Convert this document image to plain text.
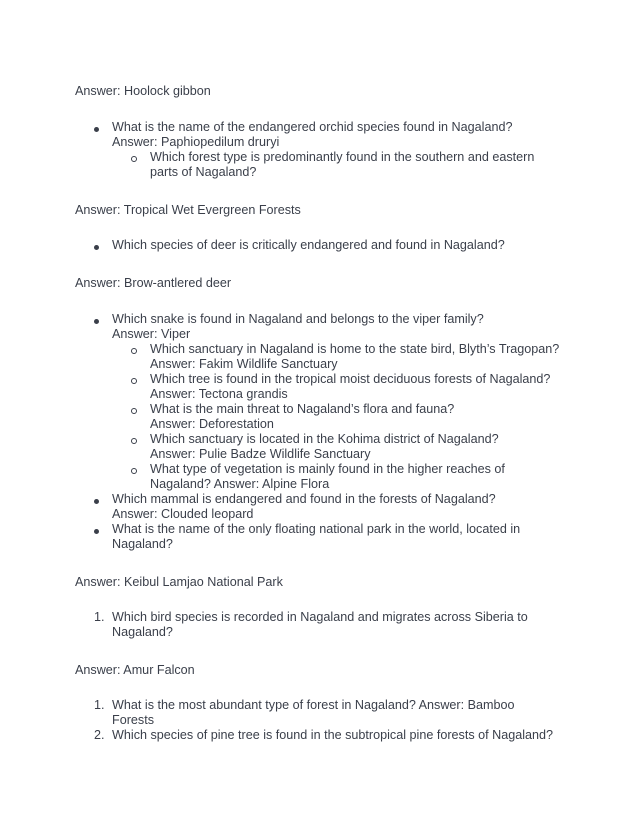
Answer: Hoolock gibbon
What is the name of the endangered orchid species found in Nagaland?
Answer: Paphiopedilum druryi
Which forest type is predominantly found in the southern and eastern
parts of Nagaland?
Answer: Tropical Wet Evergreen Forests
Which species of deer is critically endangered and found in Nagaland?
Answer: Brow-antlered deer
Which snake is found in Nagaland and belongs to the viper family?
Answer: Viper
Which sanctuary in Nagaland is home to the state bird, Blyth’s Tragopan?
Answer: Fakim Wildlife Sanctuary
Which tree is found in the tropical moist deciduous forests of Nagaland?
Answer: Tectona grandis
What is the main threat to Nagaland’s flora and fauna?
Answer: Deforestation
Which sanctuary is located in the Kohima district of Nagaland?
Answer: Pulie Badze Wildlife Sanctuary
What type of vegetation is mainly found in the higher reaches of
Nagaland? Answer: Alpine Flora
Which mammal is endangered and found in the forests of Nagaland?
Answer: Clouded leopard
What is the name of the only floating national park in the world, located in
Nagaland?
Answer: Keibul Lamjao National Park
1. Which bird species is recorded in Nagaland and migrates across Siberia to
Nagaland?
Answer: Amur Falcon
1. What is the most abundant type of forest in Nagaland? Answer: Bamboo
Forests
2. Which species of pine tree is found in the subtropical pine forests of Nagaland?
